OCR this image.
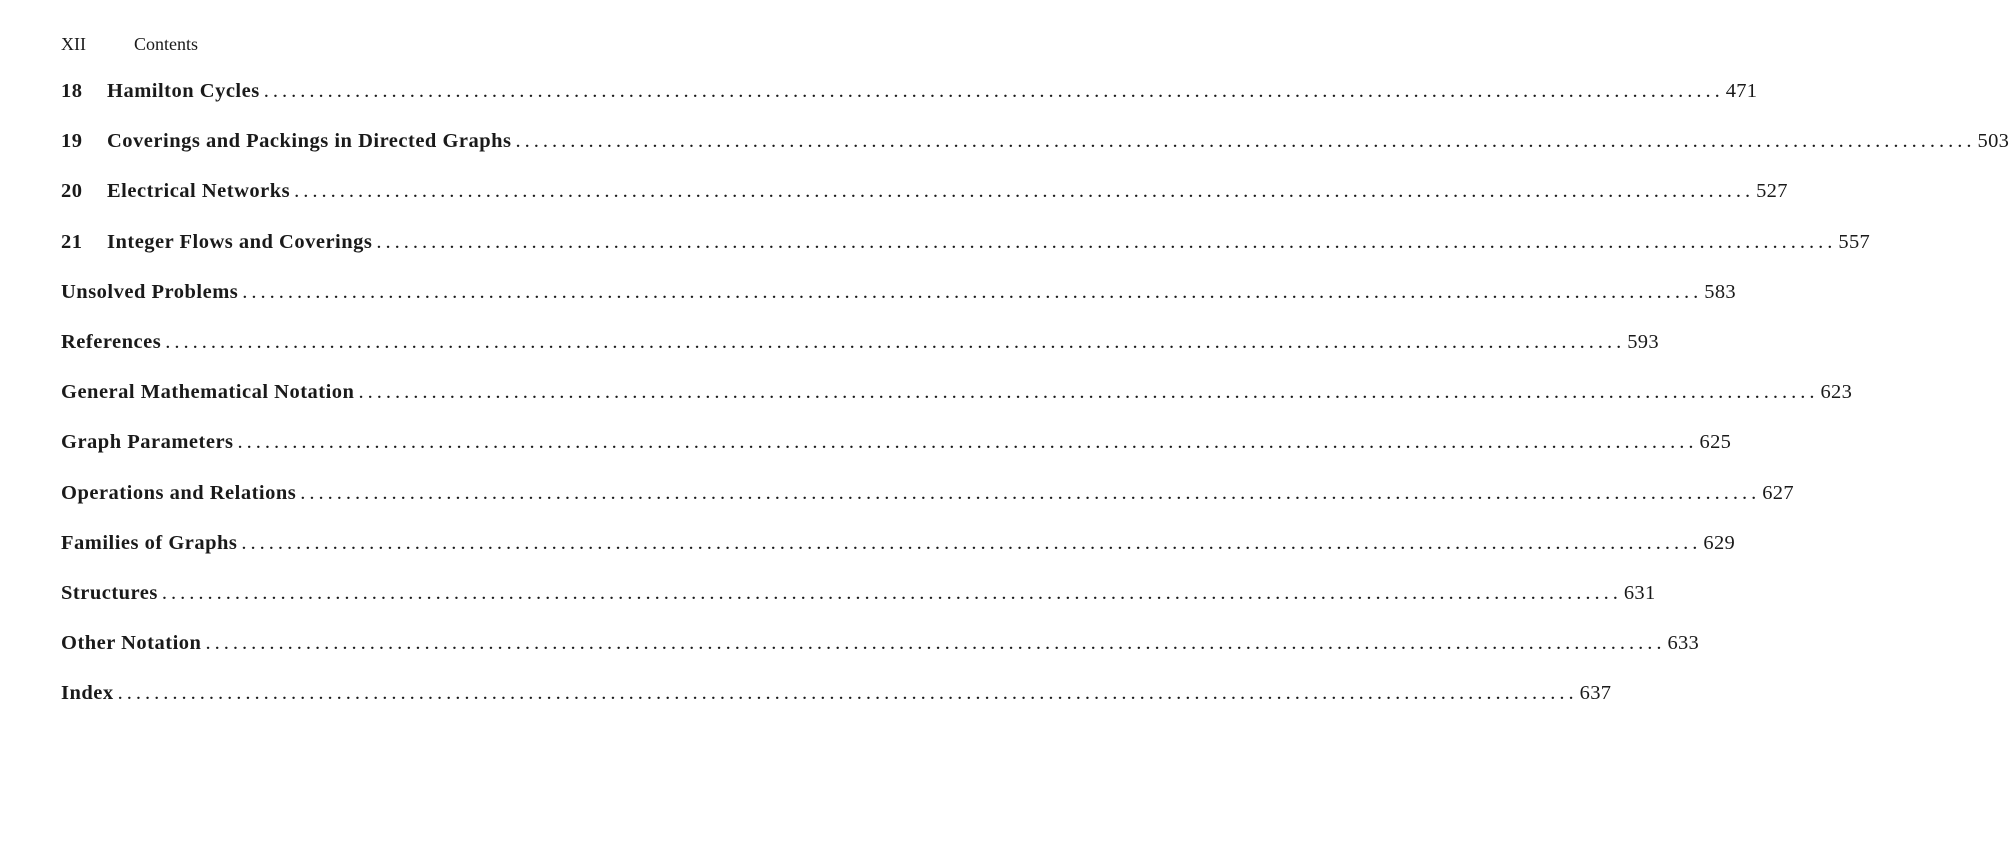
XII	Contents
18	Hamilton Cycles ................................................................................................................................................................ 471
19	Coverings and Packings in Directed Graphs ................................................................................................................................................................ 503
20	Electrical Networks ................................................................................................................................................................ 527
21	Integer Flows and Coverings ................................................................................................................................................................ 557
Unsolved Problems ................................................................................................................................................................ 583
References ................................................................................................................................................................ 593
General Mathematical Notation ................................................................................................................................................................ 623
Graph Parameters ................................................................................................................................................................ 625
Operations and Relations ................................................................................................................................................................ 627
Families of Graphs ................................................................................................................................................................ 629
Structures ................................................................................................................................................................ 631
Other Notation ................................................................................................................................................................ 633
Index ................................................................................................................................................................ 637
